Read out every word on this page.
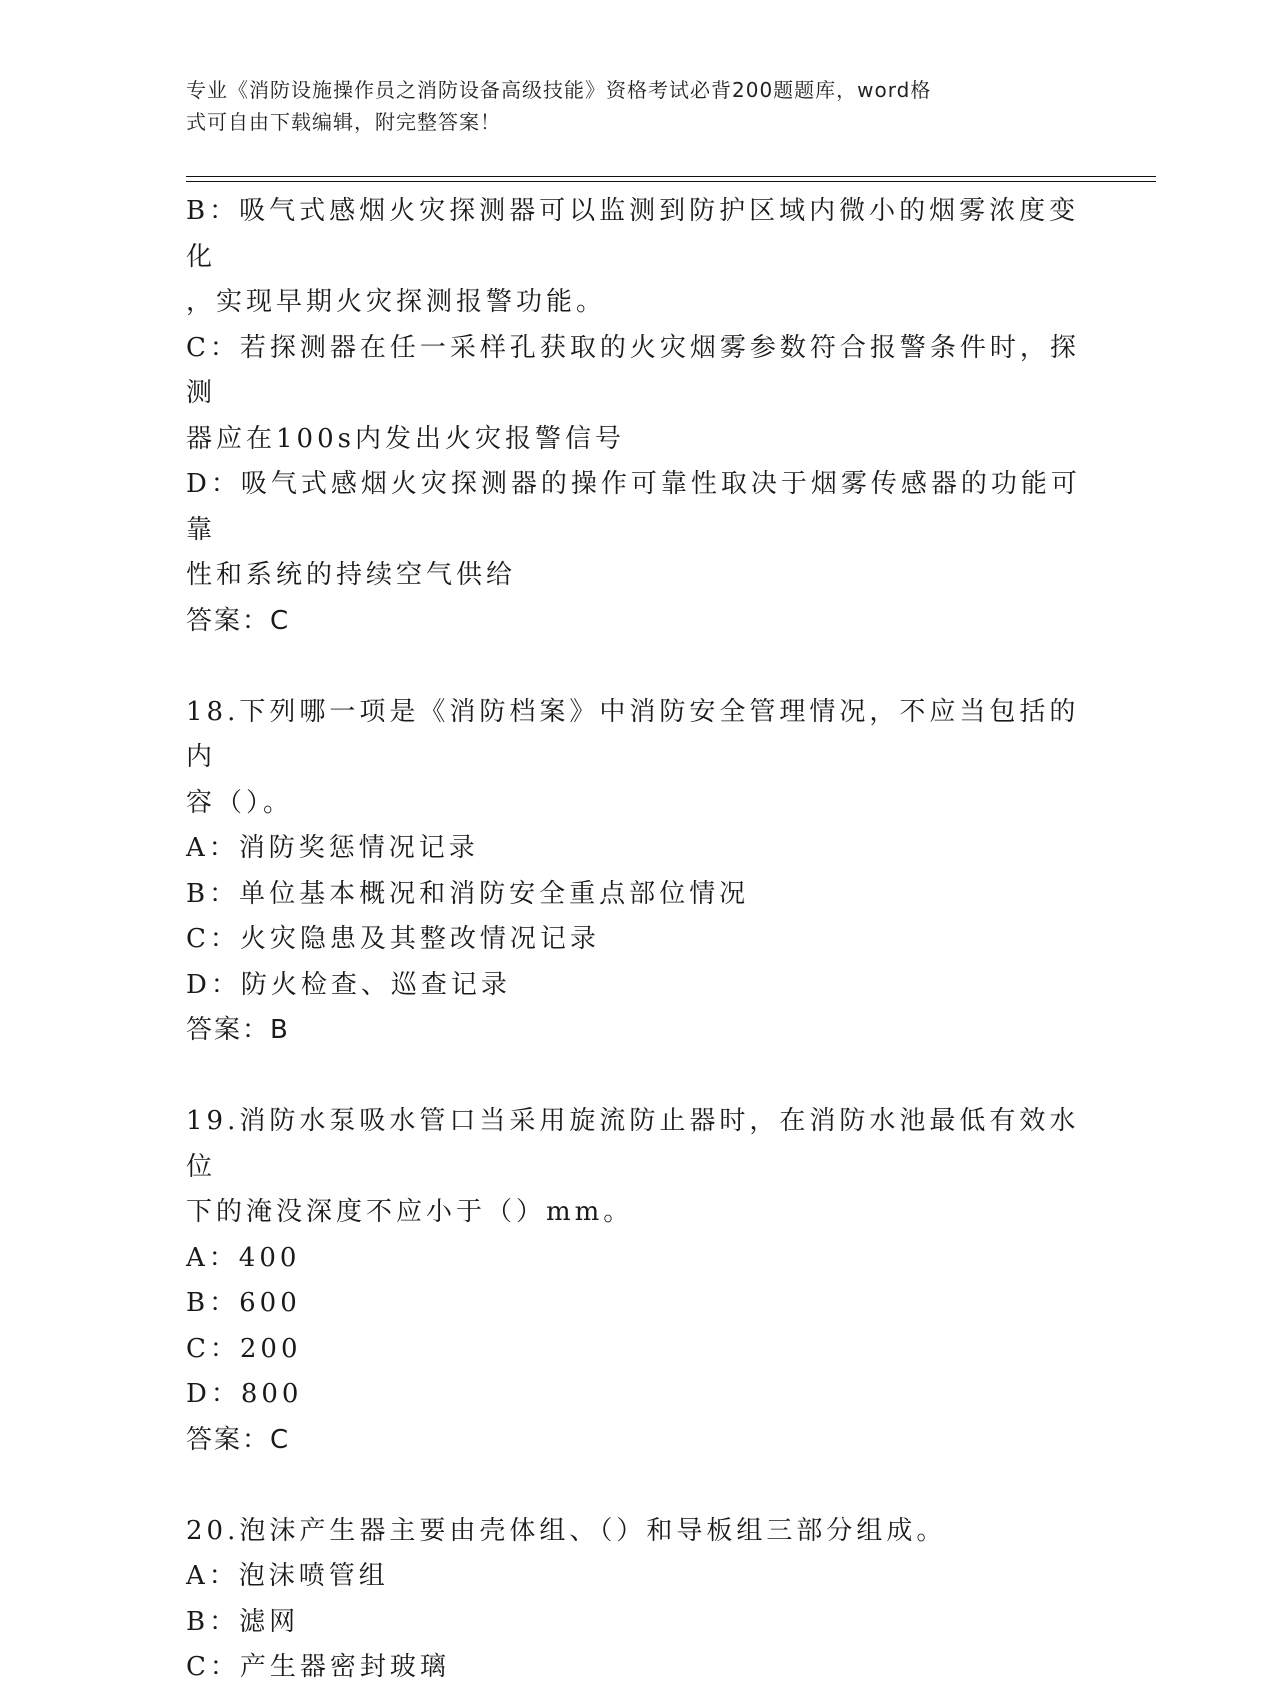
专业《消防设施操作员之消防设备高级技能》资格考试必背200题题库，word格
式可自由下载编辑，附完整答案！
B：吸气式感烟火灾探测器可以监测到防护区域内微小的烟雾浓度变化
，实现早期火灾探测报警功能。
C：若探测器在任一采样孔获取的火灾烟雾参数符合报警条件时，探测
器应在100s内发出火灾报警信号
D：吸气式感烟火灾探测器的操作可靠性取决于烟雾传感器的功能可靠
性和系统的持续空气供给
答案：C
18.下列哪一项是《消防档案》中消防安全管理情况，不应当包括的内
容（）。
A：消防奖惩情况记录
B：单位基本概况和消防安全重点部位情况
C：火灾隐患及其整改情况记录
D：防火检查、巡查记录
答案：B
19.消防水泵吸水管口当采用旋流防止器时，在消防水池最低有效水位
下的淹没深度不应小于（）mm。
A：400
B：600
C：200
D：800
答案：C
20.泡沫产生器主要由壳体组、（）和导板组三部分组成。
A：泡沫喷管组
B：滤网
C：产生器密封玻璃
